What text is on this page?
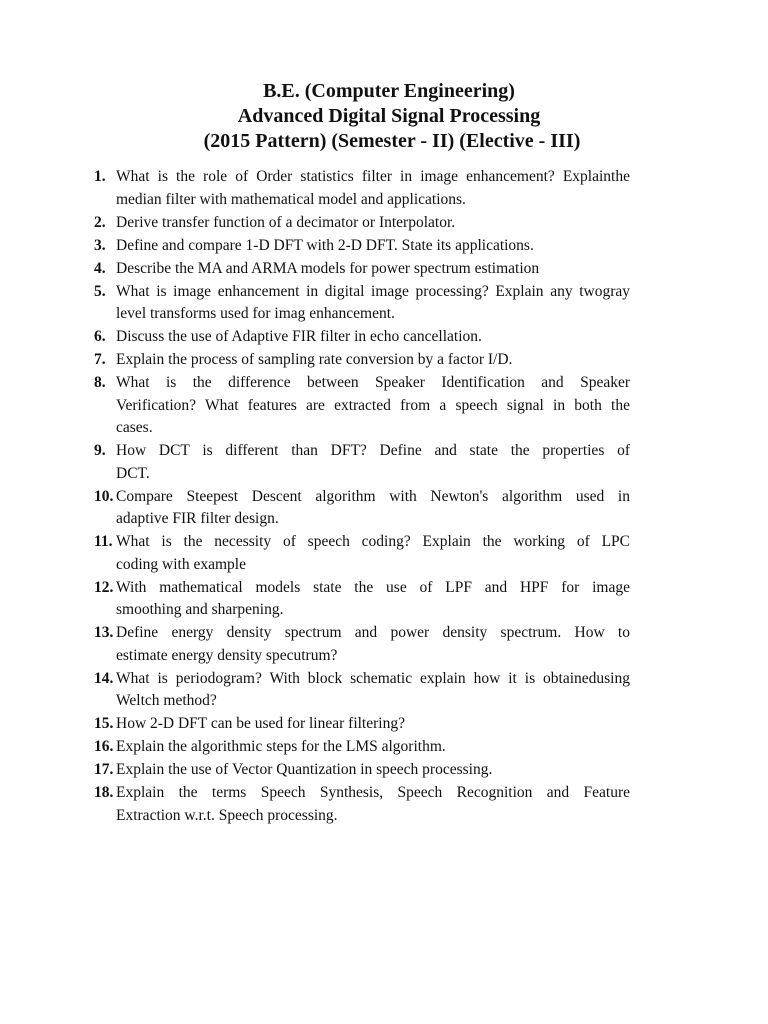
B.E. (Computer Engineering)
Advanced Digital Signal Processing
(2015 Pattern) (Semester - II) (Elective - III)
1. What is the role of Order statistics filter in image enhancement? Explainthe
median filter with mathematical model and applications.
2. Derive transfer function of a decimator or Interpolator.
3. Define and compare 1-D DFT with 2-D DFT. State its applications.
4. Describe the MA and ARMA models for power spectrum estimation
5. What is image enhancement in digital image processing? Explain any twogray
level transforms used for imag enhancement.
6. Discuss the use of Adaptive FIR filter in echo cancellation.
7. Explain the process of sampling rate conversion by a factor I/D.
8. What is the difference between Speaker Identification and Speaker
Verification? What features are extracted from a speech signal in both the
cases.
9. How DCT is different than DFT? Define and state the properties of
DCT.
10. Compare Steepest Descent algorithm with Newton's algorithm used in
adaptive FIR filter design.
11. What is the necessity of speech coding? Explain the working of LPC
coding with example
12. With mathematical models state the use of LPF and HPF for image
smoothing and sharpening.
13. Define energy density spectrum and power density spectrum. How to
estimate energy density specutrum?
14. What is periodogram? With block schematic explain how it is obtainedusing
Weltch method?
15. How 2-D DFT can be used for linear filtering?
16. Explain the algorithmic steps for the LMS algorithm.
17. Explain the use of Vector Quantization in speech processing.
18. Explain the terms Speech Synthesis, Speech Recognition and Feature
Extraction w.r.t. Speech processing.
